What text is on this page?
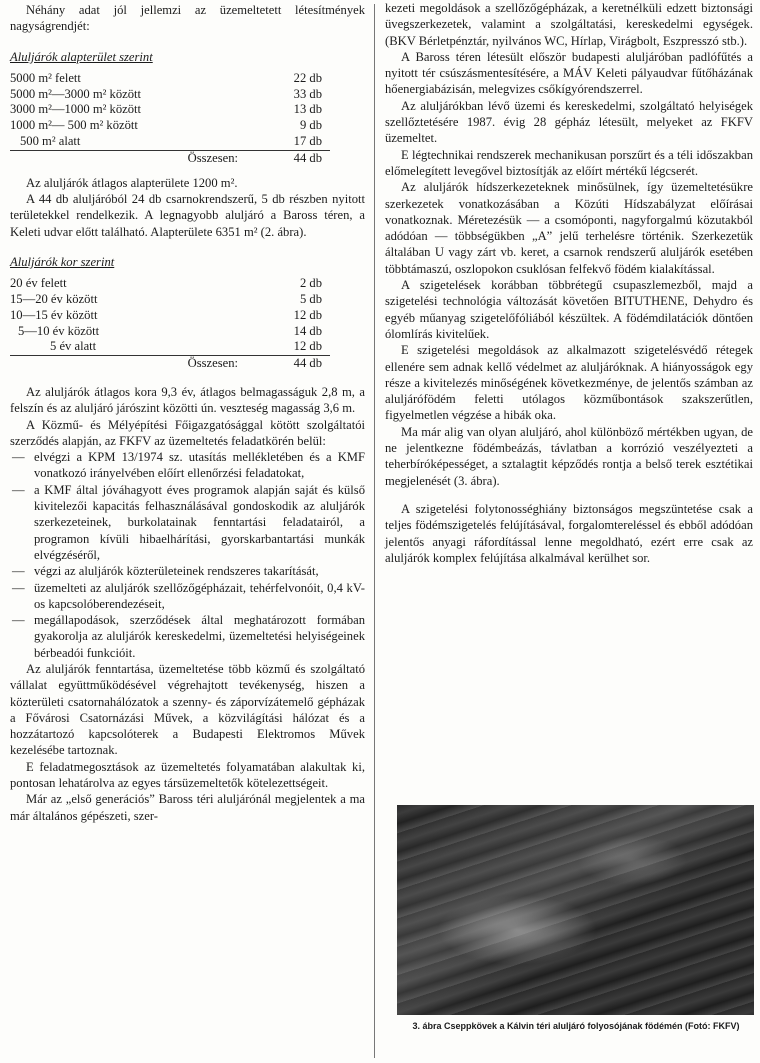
Néhány adat jól jellemzi az üzemeltetett létesítmények nagyságrendjét:

Aluljárók alapterület szerint
5000 m² felett	22 db
5000 m²—3000 m² között	33 db
3000 m²—1000 m² között	13 db
1000 m²— 500 m² között	9 db
500 m² alatt	17 db
Összesen:	44 db

Az aluljárók átlagos alapterülete 1200 m².

A 44 db aluljáróból 24 db csarnokrendszerű, 5 db részben nyitott területekkel rendelkezik. A legnagyobb aluljáró a Baross téren, a Keleti udvar előtt található. Alapterülete 6351 m² (2. ábra).

Aluljárók kor szerint
20 év felett	2 db
15—20 év között	5 db
10—15 év között	12 db
5—10 év között	14 db
5 év alatt	12 db
Összesen:	44 db

Az aluljárók átlagos kora 9,3 év, átlagos belmagasságuk 2,8 m, a felszín és az aluljáró járószint közötti ún. veszteség magasság 3,6 m.

A Közmű- és Mélyépítési Főigazgatósággal kötött szolgáltatói szerződés alapján, az FKFV az üzemeltetés feladatkörén belül:

— elvégzi a KPM 13/1974 sz. utasítás mellékletében és a KMF vonatkozó irányelvében előírt ellenőrzési feladatokat,
— a KMF által jóváhagyott éves programok alapján saját és külső kivitelezői kapacitás felhasználásával gondoskodik az aluljárók szerkezeteinek, burkolatainak fenntartási feladatairól, a programon kívüli hibaelhárítási, gyorskarbantartási munkák elvégzéséről,
— végzi az aluljárók közterületeinek rendszeres takarítását,
— üzemelteti az aluljárók szellőzőgépházait, tehérfelvonóit, 0,4 kV-os kapcsolóberendezéseit,
— megállapodások, szerződések által meghatározott formában gyakorolja az aluljárók kereskedelmi, üzemeltetési helyiségeinek bérbeadói funkcióit.

Az aluljárók fenntartása, üzemeltetése több közmű és szolgáltató vállalat együttműködésével végrehajtott tevékenység, hiszen a közterületi csatornahálózatok a szenny- és záporvízátemelő gépházak a Fővárosi Csatornázási Művek, a közvilágítási hálózat és a hozzátartozó kapcsolóterek a Budapesti Elektromos Művek kezelésébe tartoznak.

E feladatmegosztások az üzemeltetés folyamatában alakultak ki, pontosan lehatárolva az egyes társüzemeltetők kötelezettségeit.

Már az „első generációs” Baross téri aluljárónál megjelentek a ma már általános gépészeti, szer-

kezeti megoldások a szellőzőgépházak, a keretnélküli edzett biztonsági üvegszerkezetek, valamint a szolgáltatási, kereskedelmi egységek. (BKV Bérletpénztár, nyilvános WC, Hírlap, Virágbolt, Eszpresszó stb.).

A Baross téren létesült először budapesti aluljáróban padlófűtés a nyitott tér csúszásmentesítésére, a MÁV Keleti pályaudvar fűtőházának hőenergiabázisán, melegvizes csőkígyórendszerrel.

Az aluljárókban lévő üzemi és kereskedelmi, szolgáltató helyiségek szellőztetésére 1987. évig 28 gépház létesült, melyeket az FKFV üzemeltet.

E légtechnikai rendszerek mechanikusan porszűrt és a téli időszakban előmelegített levegővel biztosítják az előírt mértékű légcserét.

Az aluljárók hídszerkezeteknek minősülnek, így üzemeltetésükre szerkezetek vonatkozásában a Közúti Hídszabályzat előírásai vonatkoznak. Méretezésük — a csomóponti, nagyforgalmú közutakból adódóan — többségükben „A” jelű terhelésre történik. Szerkezetük általában U vagy zárt vb. keret, a csarnok rendszerű aluljárók esetében többtámaszú, oszlopokon csuklósan felfekvő födém kialakítással.

A szigetelések korábban többrétegű csupaszlemezből, majd a szigetelési technológia változását követően BITUTHENE, Dehydro és egyéb műanyag szigetelőfóliából készültek. A födémdilatációk döntően ólomlírás kivitelűek.

E szigetelési megoldások az alkalmazott szigetelésvédő rétegek ellenére sem adnak kellő védelmet az aluljáróknak. A hiányosságok egy része a kivitelezés minőségének következménye, de jelentős számban az aluljárófödém feletti utólagos közműbontások szakszerűtlen, figyelmetlen végzése a hibák oka.

Ma már alig van olyan aluljáró, ahol különböző mértékben ugyan, de ne jelentkezne födémbeázás, távlatban a korrózió veszélyezteti a teherbíróképességet, a sztalagtit képződés rontja a belső terek esztétikai megjelenését (3. ábra).

A szigetelési folytonosséghiány biztonságos megszüntetése csak a teljes födémszigetelés felújításával, forgalomtereléssel és ebből adódóan jelentős anyagi ráfordítással lenne megoldható, ezért erre csak az aluljárók komplex felújítása alkalmával kerülhet sor.

3. ábra Cseppkövek a Kálvin téri aluljáró folyosójának födémén (Fotó: FKFV)
